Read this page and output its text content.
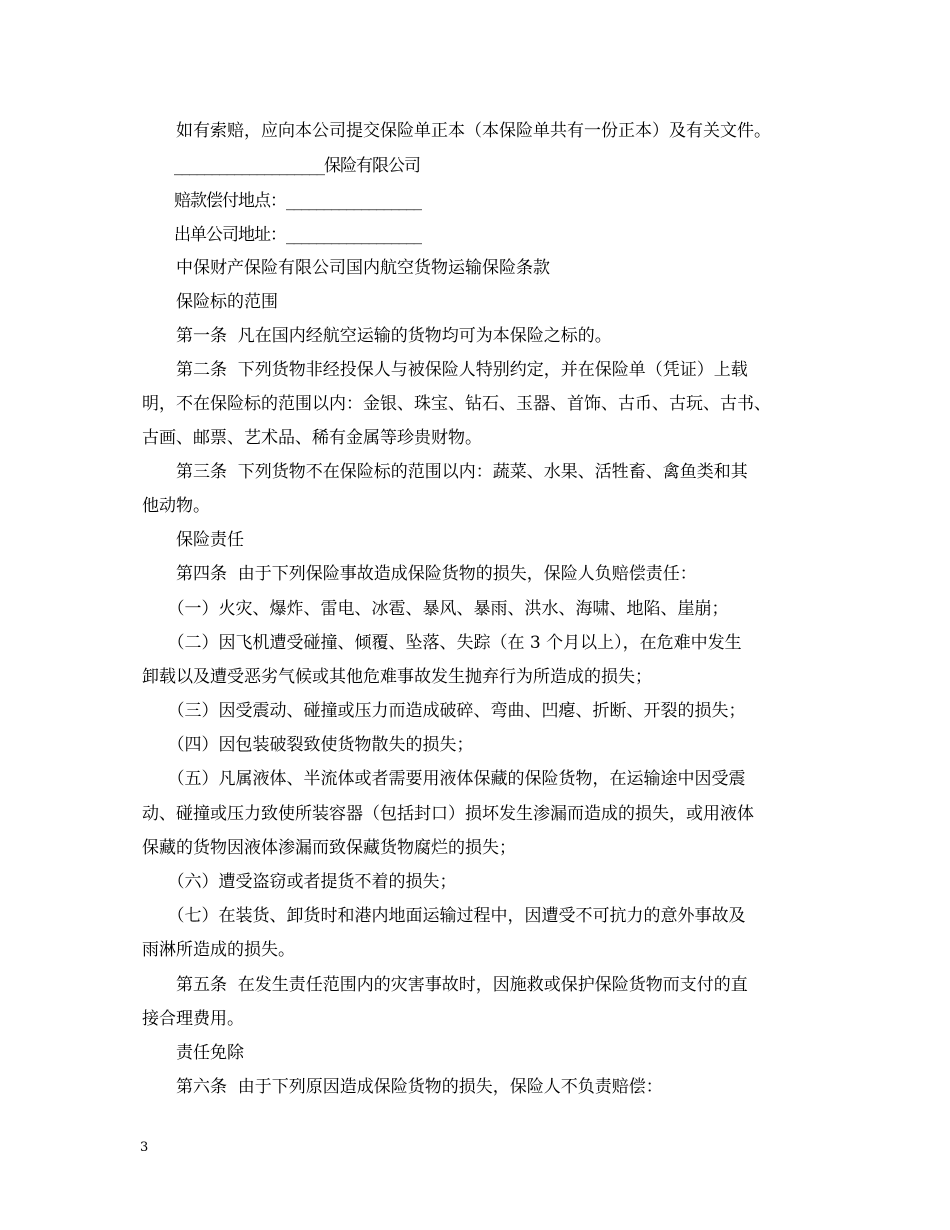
　　如有索赔，应向本公司提交保险单正本（本保险单共有一份正本）及有关文件。
　　____________________保险有限公司
　　赔款偿付地点：__________________
　　出单公司地址：__________________
　　中保财产保险有限公司国内航空货物运输保险条款
　　保险标的范围
　　第一条  凡在国内经航空运输的货物均可为本保险之标的。
　　第二条  下列货物非经投保人与被保险人特别约定，并在保险单（凭证）上载
明，不在保险标的范围以内：金银、珠宝、钻石、玉器、首饰、古币、古玩、古书、
古画、邮票、艺术品、稀有金属等珍贵财物。
　　第三条  下列货物不在保险标的范围以内：蔬菜、水果、活牲畜、禽鱼类和其
他动物。
　　保险责任
　　第四条  由于下列保险事故造成保险货物的损失，保险人负赔偿责任：
　　（一）火灾、爆炸、雷电、冰雹、暴风、暴雨、洪水、海啸、地陷、崖崩；
　　（二）因飞机遭受碰撞、倾覆、坠落、失踪（在 3 个月以上），在危难中发生
卸载以及遭受恶劣气候或其他危难事故发生抛弃行为所造成的损失；
　　（三）因受震动、碰撞或压力而造成破碎、弯曲、凹瘪、折断、开裂的损失；
　　（四）因包装破裂致使货物散失的损失；
　　（五）凡属液体、半流体或者需要用液体保藏的保险货物，在运输途中因受震
动、碰撞或压力致使所装容器（包括封口）损坏发生渗漏而造成的损失，或用液体
保藏的货物因液体渗漏而致保藏货物腐烂的损失；
　　（六）遭受盗窃或者提货不着的损失；
　　（七）在装货、卸货时和港内地面运输过程中，因遭受不可抗力的意外事故及
雨淋所造成的损失。
　　第五条  在发生责任范围内的灾害事故时，因施救或保护保险货物而支付的直
接合理费用。
　　责任免除
　　第六条  由于下列原因造成保险货物的损失，保险人不负责赔偿：
3
